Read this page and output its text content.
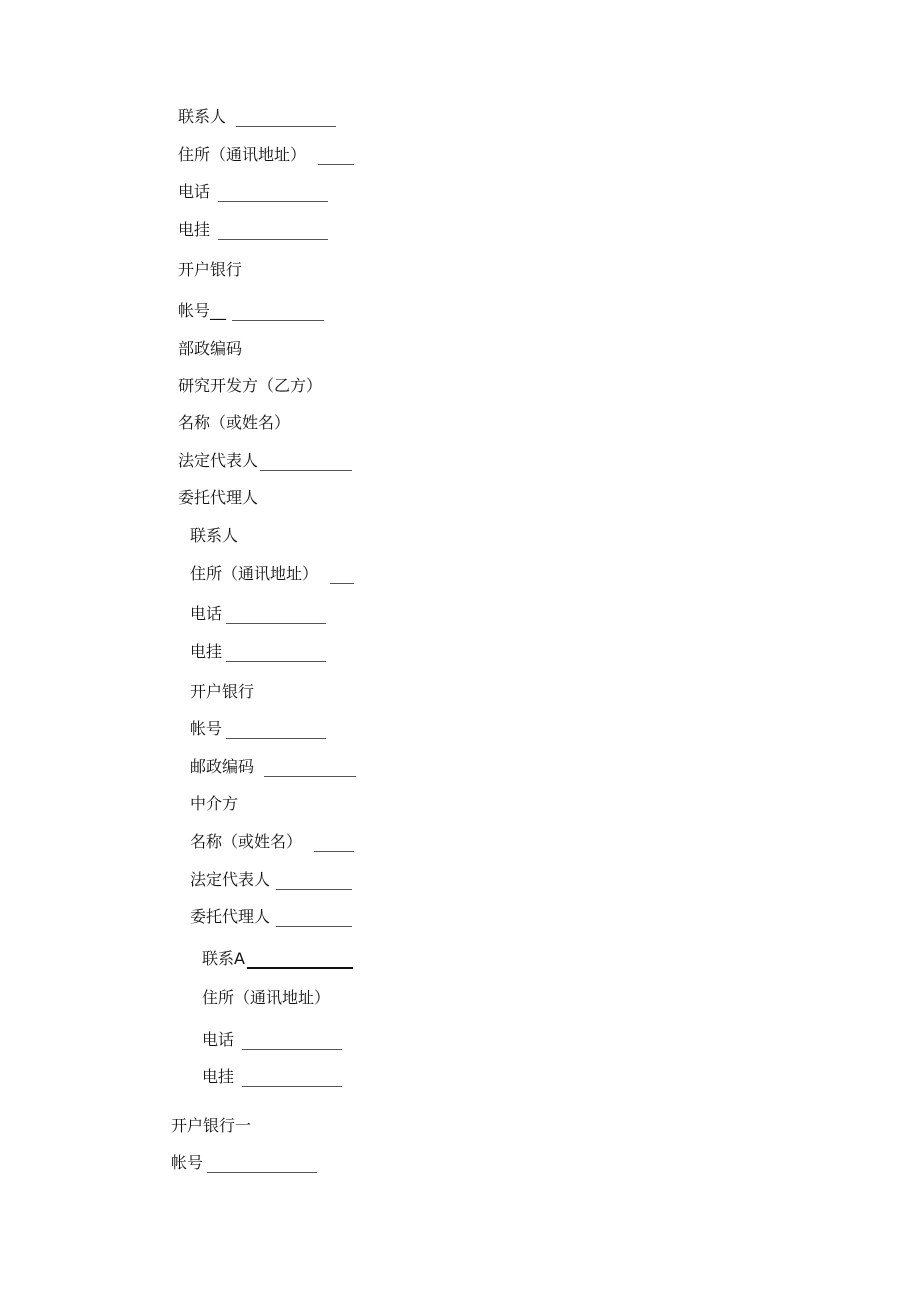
联系人
住所（通讯地址）
电话
电挂
开户银行
帐号__
部政编码
研究开发方（乙方）
名称（或姓名）
法定代表人
委托代理人
联系人
住所（通讯地址）
电话
电挂
开户银行
帐号
邮政编码
中介方
名称（或姓名）
法定代表人
委托代理人
联系A
住所（通讯地址）
电话
电挂
开户银行一
帐号
